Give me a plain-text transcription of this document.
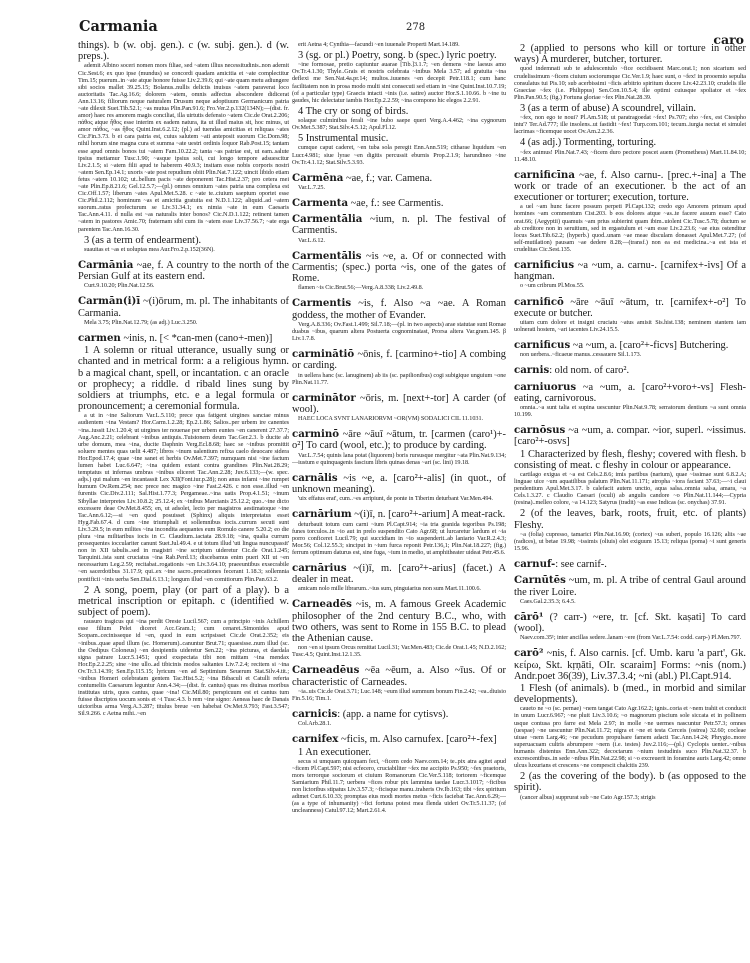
Carmania	278
caro

things). b (w. obj. gen.). c (w. subj. gen.). d (w. preps.).

ademit Albino soceri nomen mors filiae, sed ~atem illius necessitudinis..non ademit Cic.Sest.6; ex quo ipse (mundus) se concordi quadam amicitia et ~ate complectitur Tim.15; puerum..in ~ate atque honore fuisse Liv.2.39.6; qui ~ate quam metu adiungere sibi socios mallet 39.25.15; Bolanus..nullis delictis inuisus ~atem paraverat loco auctoritatis Tac.Ag.16.6; dolorem ~atem, omnis adfectus abscondere didicerat Ann.13.16; filiorum neque naturalem Drusum neque adoptiuum Germanicum patria ~ate dilexit Suet.Tib.52.1; ~as mutua Plin.Pan.91.6; Fro.Ver.2.p.132(134N);—(dist. fr. amor) haec res amorem magis conciliat, illa uirtutis defensio ~atem Cic.de Orat.2.206; πάθος atque ἦθος esse interim ex eadem natura, ita ut illud maius sit, hoc minus, ut amor πάθος, ~as ἦθος Quint.Inst.6.2.12; (pl.) ad tuendas amicitias et reliquas ~ates Cic.Fin.3.73. b ei cara patria est, cuius salutem ~ati anteposit suorum Cic.Dom.98; nihil horum sine magna cura et summa ~ate uestri ordinis loquor Rab.Post.15; tantam esse apud omnis bonos tui ~atem Fam.10.22.2; tanta ~as patriae est, ut eam..salute ipsius metiamur Tusc.1.90; ~asque ipsius soli, cui longo tempore adsuescitur Liv.2.1.5; si ~atem filii apud te haberem 40.9.3; insitam esse nobis corporis nostri ~atem Sen.Ep.14.1; uxoris ~ate post repudium obiit Plin.Nat.7.122; uincit libido etiam fetus ~atem 10.102; ut..bellum pacis ~ate deponerent Tac.Hist.2.37; pro cetera mei ~ate Plin.Ep.8.21.6; Gel.12.5.7;—(pl.) omnes omnium ~ates patria una complexa est Cic.Off.1.57; liberum ~ates Apul.Met.5.28. c ~ate te..ciuium saeptum oportet esse Cic.Phil.2.112; hominum ~as et amicitia gratuita est N.D.1.122; aliquid..ad ~atem suorum..ratus profecturum se Liv.31.34.1; ex nimia ~ate in eum Caesaris Tac.Ann.4.11. d nulla est ~as naturalis inter bonos? Cic.N.D.1.122; retinent tamen ~atem in pastores Amic.70; fraternam sibi cum iis ~atem esse Liv.37.56.7; ~ate erga parentem Tac.Ann.16.30.

3 (as a term of endearment).

suauitas et ~as et uoluptas mea Aur.Fro.2.p.152(36N).

Carmānia ~ae, f. A country to the north of the Persian Gulf at its eastern end.

Curt.9.10.20; Plin.Nat.12.56.

Carmān(i)ī ~(i)ōrum, m. pl. The inhabitants of Carmania.

Mela 3.75; Plin.Nat.12.79; (as adj.) Luc.3.250.

carmen ~inis, n. [< *can-men (cano+-men)]

1 A solemn or ritual utterance, usually sung or chanted and in metrical form: a a religious hymn. b a magical chant, spell, or incantation. c an oracle or prophecy; a riddle. d ribald lines sung by soldiers at triumphs, etc. e a legal formula or pronouncement; a ceremonial formula.

a ut in ~ine Saliorum Var.L.5.110; prece qua fatigent uirgines sanctae minus audientem ~ina Vestam? Hor.Carm.1.2.28; Ep.2.1.86; Salios..per urbem ire canentes ~ina..iussit Liv.1.20.4; ut uirgines ter nouenae per urbem euntes ~en canerent 27.37.7; Aug.Anc.2.21; celebrant ~inibus antiquis..Tuistonem deum Tac.Ger.2.3. b ducite ab urbe domum, mea ~ina, ducite Daphnin Verg.Ecl.8.68; haec se ~inibus promittit soluere mentes quas uelit 4.487; libros ~inum ualentium refixa caelo deuocare sidera Hor.Epod.17.4; quae ~ine sanet et herbis Ov.Met.7.397; numquam nisi ~ine factum lumen habet Luc.6.647; ~ina quidem extant contra grandines Plin.Nat.28.29; temptatus ut infernas umbras ~inibus eliceret Tac.Ann.2.28; Juv.6.133;—(w. spec. adjs.) qui malum ~en incantassit Lex XII(Font.iur.p.28); non anus infami ~ine rumpet humum Ov.Rem.254; nec prece nec magico ~ine Fast.2.426. c non esse..illud ~en furentis Cic.Div.2.111; Sal.Hist.1.77.3; Pergameae..~ina uatis Prop.4.1.51; ~inum Sibyllae interpretes Liv.10.8.2; 25.12.4; ex ~inibus Marcianis 25.12.2; quo..~ine dicto excessere deae Ov.Met.8.455; en, ut adsolet, lecto per magistros aestimatoque ~ine Tac.Ann.6.12;—si ~en quod posuisset (Sphinx) aliquis interpretatus esset Hyg.Fab.67.4. d cum ~ine triumphali et sollemnibus iocis..currum secuti sunt Liv.3.29.5; in eum milites ~ina incondita aequantes eum Romulo canere 5.20.2; eo die plura ~ina militaribus iocis in C. Claudium..iactata 28.9.18; ~ina, qualia currum prosequentes iocculariter canunt Suet.Jul.49.4. e ut totum illud 'uti lingua nuncupassit' non in XII tabulis..sed in magistri ~ine scriptum uideretur Cic.de Orat.1.245; Tarquinii..ista sunt cruciatus ~ina Rab.Perd.13; discebamus enim pueri XII ut ~en necessarium Leg.2.59; recitabat..rogationis ~en Liv.3.64.10; praeeuntibus exsecrabile ~en sacerdotibus 31.17.9; qui..ex ~ine sacro..precationes fecerant 1.18.3; sollemnia pontificii ~inis uerba Sen.Dial.6.13.1; longum illud ~en comitiorum Plin.Pan.63.2.

2 A song, poem, play (or part of a play). b a metrical inscription or epitaph. c (identified w. subject of poem).

rausuro tragicus qui ~ina perdit Oreste Lucil.567; cum a principio ~inis Achillem esse filium Pelei diceret Acc.Gram.1; cum cenaret..Simonides apud Scopam..cecinisseque id ~en, quod in eum scripsisset Cic.de Orat.2.352; eis ~inibus..quae apud illum (sc. Homerum)..canuntur Brut.71; quaesisse..num illud (sc. the Oedipus Coloneus) ~en desipientis uideretur Sen.22; ~ina picturas, et daedala signa patrare Lucr.5.1451; quod exspectata tibi non mittam ~ina mendax Hor.Ep.2.2.25; sine ~ine ullo..ad tibicinis modos saltantes Liv.7.2.4; recitem si ~ina Ov.Tr.3.14.39; Sen.Ep.115.15; lyricum ~en ad Septimium Seuerum Stat.Silv.4.tit.; ~inibus Homeri celebratam gentem Tac.Hist.5.2; ~ina Bibaculi et Catulli referta contumeliis Caesarum leguntur Ann.4.34;—(dist. fr. cantus) quas res diuinas moribus institutas uiris, quos cantus, quae ~ina! Cic.Mil.80; perspicuum est et cantus tum fuisse discriptos uocum sonis et ~i Tusc.4.3. b rem ~ine signo: Aeneas haec de Danais uictoribus arma Verg.A.3.287; titulus breue ~en habebat Ov.Met.9.793; Fast.3.547; Sil.9.266. c Aetna mihi..~en

erit Aetna 4; Cynthia—facundi ~en iuuenale Properti Mart.14.189.

3 (sg. or pl.) Poetry, song. b (spec.) lyric poetry.

~ine formosae, pretio capiuntur auarae [Tib.]3.1.7; ~en demens ~ine laesus amo Ov.Tr.4.1.30; Thyle..Grais et nostris celebrata ~inibus Mela 3.57; ad gratuita ~ina deflexi me Sen.Nat.4a.pr.14; multos..iuuenes ~en decepit Petr.118.1; cum hanc facilitatem non in prosa modo multi sint consecuti sed etiam in ~ine Quint.Inst.10.7.19; (of a particular type) Graecis intacti ~inis (i.e. satire) auctor Hor.S.1.10.66. b ~ine tu gaudes, hic delectatur iambis Hor.Ep.2.2.59; ~ina compono hic elegos 2.2.91.

4 The cry or song of birds.

solaque culminibus ferali ~ine bubo saepe queri Verg.A.4.462; ~ina cygnorum Ov.Met.5.387; Stat.Silv.4.5.12; Apul.Fl.12.

5 Instrumental music.

cumque caput caderet, ~en tuba sola peregit Enn.Ann.519; citharae liquidum ~en Lucr.4.981; siue lyrae ~en digitis percussit eburnis Prop.2.1.9; harundineo ~ine Ov.Tr.4.1.12; Stat.Silv.5.3.93.

Carmēna ~ae, f.; var. Camena.

Var.L.7.25.

Carmenta ~ae, f.: see Carmentis.

Carmentālia ~ium, n. pl. The festival of Carmentis.

Var.L.6.12.

Carmentālis ~is ~e, a. Of or connected with Carmentis; (spec.) porta ~is, one of the gates of Rome.

flamen ~is Cic.Brut.56;—Verg.A.8.338; Liv.2.49.8.

Carmentis ~is, f. Also ~a ~ae. A Roman goddess, the mother of Evander.

Verg.A.8.336; Ov.Fast.1.499; Sil.7.18;—(pl. in two aspects) arae statutae sunt Romae duabus ~ibus, quarum altera Postuerta cognominatast, Prorsa altera Var.gram.145. β Liv.1.7.8.

carminātiō ~ōnis, f. [carmino+-tio] A combing or carding.

in uellera hanc (sc. lanuginem) ab iis (sc. papilionibus) cogi subigique unguium ~one Plin.Nat.11.77.

carminātor ~ōris, m. [next+-tor] A carder (of wool).

HAEC LOCA SVNT LANARIORVM ~OR(VM) SODALICI CIL 11.1031.

carminō ~āre ~āuī ~ātum, tr. [carmen (caro¹)+-o²] To card (wool, etc.); to produce by carding.

Var.L.7.54; quinis lana potat (liquorem) boris rursusque mergitur ~ata Plin.Nat.9.134;—iustum e quinquagenis fascium libris quinas denas ~ari (sc. lini) 19.18.

carnālis ~is ~e, a. [caro²+-alis] (in quot., of unknown meaning).

'uix effatus erat', cum..~es arripiunt, de ponte in Tiberim deturbant Var.Men.494.

carnārium ~(i)ī, n. [caro²+-arium] A meat-rack.

deturbauit totum cum carni ~ium Pl.Capt.914; ~ia tria granida tegoribus Ps.198; funes torculos..in ~io aut in prelo suspendito Cato Agr.68; ut lurcaretur lardum et ~ia porro conficeret Lucil.79; qui succidiam in ~io suspenderit..ab laniario Var.R.2.4.3; Mor.56; Col.12.55.3; sinciput in ~ium furca reponit Petr.136,1; Plin.Nat.18.227; (fig.) ferrum optimum daturus est, sine fuga, ~ium in medio, ut amphitheater uideat Petr.45.6.

carnārius ~(i)ī, m. [caro²+-arius] (facet.) A dealer in meat.

amicam nolo mille librarum..~ius sum, pinguiarius non sum Mart.11.100.6.

Carneadēs ~is, m. A famous Greek Academic philosopher of the 2nd century B.C., who, with two others, was sent to Rome in 155 B.C. to plead the Athenian cause.

non ~en si ipsum Orcus remittat Lucil.31; Var.Men.483; Cic.de Orat.1.45; N.D.2.162; Tusc.4.5; Quint.Inst.12.1.35.

Carneadēus ~ēa ~ēum, a. Also ~īus. Of or characteristic of Carneades.

~ia..uis Cic.de Orat.3.71; Luc.148; ~eum illud summum bonum Fin.2.42; ~ea..diuisio Fin.5.16; Tim.1.

carnicis: (app. a name for cytisvs).

Col.Arb.28.1.

carnifex ~ficis, m. Also carnufex. [caro²+-fex]

1 An executioner.

secus si umquam quicquam feci, ~ficem cedo Naev.com.14; te..pix atra agitet apud ~ficem Pl.Capt.597; nisi ecfecero, cruciabiliter ~fex me accipito Ps.950; ~fex praetoris, mors terrorque sociorum et ciuium Romanorum Cic.Ver.5.118; tortorem ~ficemque Samiarium Phil.11.7; uerbera ~fices robur pix lammina taedae Lucr.3.1017; ~ficibus non lictoribus stipatus Liv.3.57.3; ~ficisque manu..traheris Ov.Ib.163; tibi ~fex spiritum adimet Curt.6.10.33; promptas eius modi mortes metus ~ficis faciebat Tac.Ann.6.29;—(as a type of inhumanity) ~fici fortuna potest mea flenda uideri Ov.Tr.5.11.37; (of uncleanness) Catul.97.12; Mart.2.61.4.

2 (applied to persons who kill or torture in other ways) A murderer, butcher, torturer.

quod indemnati sub te adulescentulo ~fice occidissent Marc.orat.1; non sicarium sed crudelissimum ~ficem ciuium sociorumque Cic.Ver.1.9; haec sunt, o ~fex! in prooemio sepulta consulatus tui Pis.10; sub acerbissimi ~ficis arbitrio spiritum ducere Liv.42.23.10; crudelis ille Graeciae ~fex (i.e. Philippus) Sen.Con.10.5.4; ille optimi cuiusque spoliator et ~fex Plin.Pan.90.5; (fig.) Fortuna gloriae ~fex Plin.Nat.28.39.

3 (as a term of abuse) A scoundrel, villain.

~fex, non ego te noui? Pl.Am.518; ut paratragoedat ~fex! Ps.707; eho ~fex, est Ctesipho intu'? Ter.Ad.777; ille insolens..ut fastidit ~fex! Turp.com.101; tecum..iurgia nectat et simulet lacrimas ~ficemque uocet Ov.Am.2.2.36.

4 (as adj.) Tormenting, torturing.

~fex animus! Plin.Nat.7.43; ~ficem duro pectore poscet auem (Prometheus) Mart.11.84.10; 11.48.10.

carnificīna ~ae, f. Also carnu-. [prec.+-ina] a The work or trade of an executioner. b the act of an executioner or torturer; execution, torture.

a uel ~am hunc facere possum perpeti Pl.Capt.132; credo ego Amorem primum apud homines ~am commentum Cist.203. b eos dolores atque ~as..te facere ausum esse? Cato orat.66; (Aegyptii) quamuis ~am prius subierint quam ibim..uiolent Cic.Tusc.5.78; ductum se ab creditore non in seruitium, sed in ergastulum et ~am esse Liv.2.23.6; ~ae eius ostenditur locus Suet.Tib.62.2; (hyperb.) quod..unam ~ae meae disculam donasset Apul.Met.7.27; (of self-mutilation) pausam ~ae dedere 8.28;—(transf.) non ea est medicina..~a est ista et crudelitas Cic.Sest.135.

carnificius ~a ~um, a. carnu-. [carnifex+-ivs] Of a hangman.

o ~um cribrum Pl.Mos.55.

carnificō ~āre ~āuī ~ātum, tr. [carnifex+-o²] To execute or butcher.

uitam cum dolore et insigni cruciatu ~atus amisit Sis.hist.138; neminem stantem iam uolnerati hostem, ~ari iacentes Liv.24.15.5.

carnificus ~a ~um, a. [caro²+-ficvs] Butchering.

non uerbera..~ficaeue manus..cessauere Sil.1.173.

carnis: old nom. of caro².

carniuorus ~a ~um, a. [caro²+voro+-vs] Flesh-eating, carnivorous.

omnia..~a sunt talia et supina uescuntur Plin.Nat.9.78; serratorum dentium ~a sunt omnia 10.199.

carnōsus ~a ~um, a. compar. ~ior, superl. ~issimus. [caro²+-osvs]

1 Characterized by flesh, fleshy; covered with flesh. b consisting of meat. c fleshy in colour or appearance.

cartilago exigua et ~a est Cels.2.8.6; imis partibus (narium), quae ~issimae sunt 6.8.2.A; linguae uice ~um aquatilibus palatum Plin.Nat.11.171; atropha ~iora faciant 37.63;—~i claui pendentium Apul.Met.3.17. b calefacit autem unctio, aqua salsa..omnia salsa, amara, ~a Cels.1.3.27. c Claudio Caesari (oculi) ab angulis candore ~o Plin.Nat.11.144;—Cypria (resina)..melleo colore, ~a 14.123; Satyrus (tradit) ~as esse Indicas (sc. onychas) 37.91.

2 (of the leaves, bark, roots, fruit, etc. of plants) Fleshy.

~a (folia) cupresso, tamarici Plin.Nat.16.90; (cortex) ~us suberi, populo 16.126; aliis ~ae (radices), ut betae 19.98; ~issimis (oliuis) olei exiguum 15.13; reliqua (poma) ~i sunt generis 15.96.

carnuf-: see carnif-.

Carnūtēs ~um, m. pl. A tribe of central Gaul around the river Loire.

Caes.Gal.2.35.3; 6.4.5.

cārō¹ (? carr-) ~ere, tr. [cf. Skt. kaṣati] To card (wool).

Naev.com.35¹; inter ancillas sedere..lanam ~ere (from Var.L.7.54: codd. carp-) Pl.Men.797.

carō² ~nis, f. Also carnis. [cf. Umb. karu 'a part', Gk. κείρω, Skt. kṛṇāti, OIr. scaraim] Forms: ~nis (nom.) Andr.poet 36(39), Liv.37.3.4; ~ni (abl.) Pl.Capt.914.

1 Flesh (of animals). b (med., in morbid and similar developments).

caueto ne ~o (sc. pernae) ~nem tangat Cato Agr.162.2; ignis..coria et ~nem trahit et conducit in unum Lucr.6.967; ~ne pluit Liv.3.10.6; ~o magnorum piscium sole siccata et in pollinem usque contusa pro farre est Mela 2.97; in molle ~ne uermes nascuntur Petr.57.3; omnes (uespae) ~ne uescuntur Plin.Nat.11.72; nigra et ~ne et testa Cerceis (ostrea) 32.60; cocleae uiuae ~nem Larg.46; ~ne pecudum propulsare famem adacti Tac.Ann.14.24; Phrygio..more superuacuam cultris abrumpere ~nem (i.e. testes) Juv.2.116;—(pl.) Cyclopis uenter..~nibus humanis distentus Enn.Ann.322; decoctarum ~nium testudinis suco Plin.Nat.32.37. b excrescentibus..in sede ~nibus Plin.Nat.22.98; si ~o excreuerit in foramine auris Larg.42; omne ulcus luxurians et crescens ~ne compescit chalcitis 239.

2 (as the covering of the body). b (as opposed to the spirit).

(cancer albus) supprurat sub ~ne Cato Agr.157.3; strigis
